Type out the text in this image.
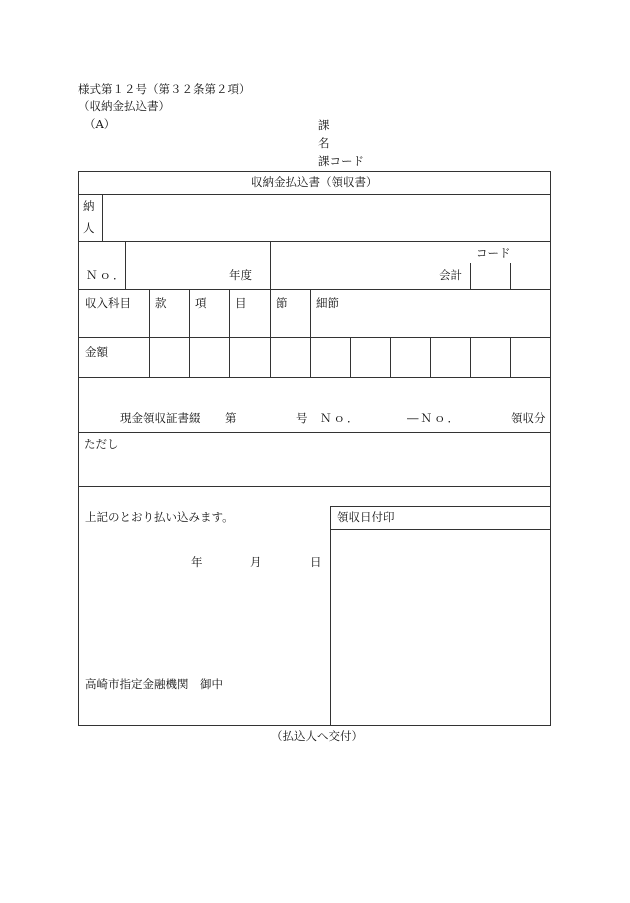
様式第１２号（第３２条第２項）
（収納金払込書）
（A）	課
名
課コード
収納金払込書（領収書）
納
人
Ｎｏ．	年度	会計
コード
収入科目 款 項 目	節 細節
金額
現金領収証書綴 第	号 Ｎｏ．	―Ｎｏ．	領収分
ただし
上記のとおり払い込みます。
年	月	日
高崎市指定金融機関　御中
領収日付印
（払込人へ交付）
